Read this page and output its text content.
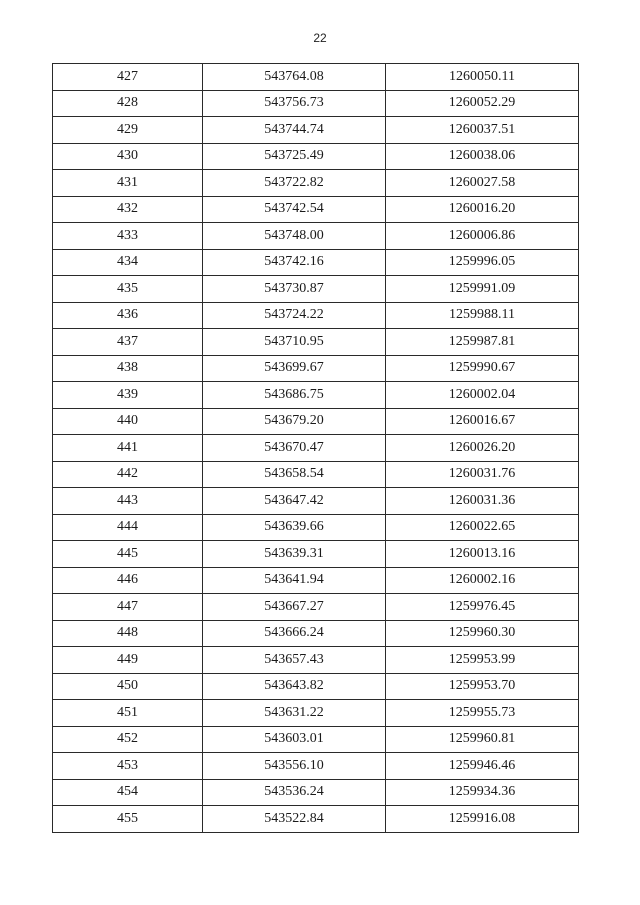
22
427	543764.08	1260050.11
428	543756.73	1260052.29
429	543744.74	1260037.51
430	543725.49	1260038.06
431	543722.82	1260027.58
432	543742.54	1260016.20
433	543748.00	1260006.86
434	543742.16	1259996.05
435	543730.87	1259991.09
436	543724.22	1259988.11
437	543710.95	1259987.81
438	543699.67	1259990.67
439	543686.75	1260002.04
440	543679.20	1260016.67
441	543670.47	1260026.20
442	543658.54	1260031.76
443	543647.42	1260031.36
444	543639.66	1260022.65
445	543639.31	1260013.16
446	543641.94	1260002.16
447	543667.27	1259976.45
448	543666.24	1259960.30
449	543657.43	1259953.99
450	543643.82	1259953.70
451	543631.22	1259955.73
452	543603.01	1259960.81
453	543556.10	1259946.46
454	543536.24	1259934.36
455	543522.84	1259916.08
